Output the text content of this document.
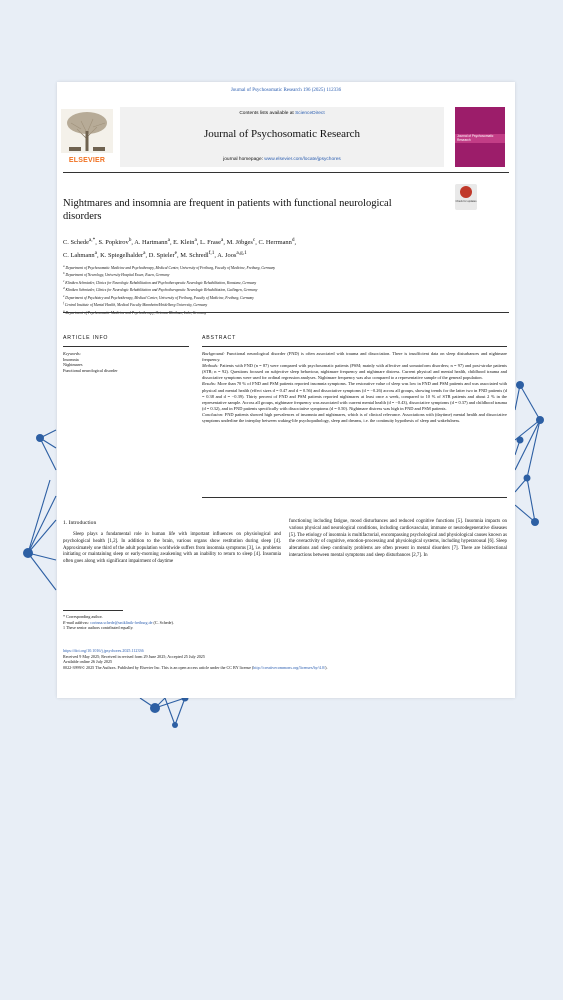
Journal of Psychosomatic Research 196 (2025) 112336
ELSEVIER
Contents lists available at ScienceDirect
Journal of Psychosomatic Research
journal homepage: www.elsevier.com/locate/jpsychores
Journal of Psychosomatic Research
Nightmares and insomnia are frequent in patients with functional neurological disorders
Check for updates
C. Schede$^{a,*}$, S. Popkirov$^b$, A. Hartmann$^a$, E. Klein$^a$, L. Frase$^a$, M. Jöbges$^c$, C. Herrmann$^d$,
C. Lahmann$^a$, K. Spiegelhalder$^a$, D. Spieler$^e$, M. Schredl$^{f,1}$, A. Joos$^{a,g,1}$
$^a$ Department of Psychosomatic Medicine and Psychotherapy, Medical Center, University of Freiburg, Faculty of Medicine, Freiburg, Germany
$^b$ Department of Neurology, University Hospital Essen, Essen, Germany
$^c$ Kliniken Schmieder, Clinics for Neurologic Rehabilitation and Psychotherapeutic Neurologic Rehabilitation, Konstanz, Germany
$^d$ Kliniken Schmieder, Clinics for Neurologic Rehabilitation and Psychotherapeutic Neurologic Rehabilitation, Gailingen, Germany
$^e$ Department of Psychiatry and Psychotherapy, Medical Center, University of Freiburg, Faculty of Medicine, Freiburg, Germany
$^f$ Central Institute of Mental Health, Medical Faculty Mannheim/Heidelberg University, Germany
$^g$ Department of Psychosomatic Medicine and Psychotherapy, Ortenau Klinikum, Lahr, Germany
ARTICLE INFO	ABSTRACT
Keywords:
Insomnia
Nightmares
Functional neurological disorder
Background: Functional neurological disorder (FND) is often associated with trauma and dissociation. There is insufficient data on sleep disturbances and nightmare frequency.
Methods: Patients with FND (n = 87) were compared with psychosomatic patients (PSM; mainly with affective and somatoform disorders; n = 97) and post-stroke patients (STR; n = 92). Questions focused on subjective sleep behaviour, nightmare frequency and nightmare distress. Current physical and mental health, childhood trauma and dissociative symptoms were used for ordinal regression analyses. Nightmare frequency was also compared to a representative sample of the general population.
Results: More than 70 % of FND and PSM patients reported insomnia symptoms. The restorative value of sleep was low in FND and PSM patients and was associated with physical and mental health (effect sizes d = 0.47 and d = 0.56) and dissociative symptoms (d = −0.26) across all groups, showing trends for the latter two in FND patients (d = 0.38 and d = −0.39). Thirty percent of FND and PSM patients reported nightmares at least once a week, compared to 10 % of STR patients and about 2 % in the representative sample. Across all groups, nightmare frequency was associated with current mental health (d = −0.43), dissociative symptoms (d = 0.37) and childhood trauma (d = 0.32), and in FND patients specifically with dissociative symptoms (d = 0.50). Nightmare distress was high in FND and PSM patients.
Conclusion: FND patients showed high prevalences of insomnia and nightmares, which is of clinical relevance. Associations with (daytime) mental health and dissociative symptoms underline the interplay between waking-life psychopathology, sleep and dreams, i.e. the continuity hypothesis of sleep and wakefulness.
1. Introduction

Sleep plays a fundamental role in human life with important influences on physiological and psychological health [1,2]. In addition to the brain, various organs show restitution during sleep [4]. Approximately one third of the adult population worldwide suffers from insomnia symptoms [3], i.e. problems initiating or maintaining sleep or early-morning awakening with an inability to return to sleep [4]. Insomnia often goes along with significant impairment of daytime

functioning including fatigue, mood disturbances and reduced cognitive functions [5]. Insomnia impacts on various physical and neurological conditions, including cardiovascular, immune or neurodegenerative diseases [5]. The etiology of insomnia is multifactorial, encompassing psychological and physiological causes known as the overactivity of cognitive, emotion-processing and physiological systems, including hyperarousal [6]. Sleep alterations and sleep continuity problems are often present in mental disorders [7]. There are bidirectional interactions between mental symptoms and sleep disturbances [2,7]. In

* Corresponding author.
E-mail address: corinna.schede@uniklinik-freiburg.de (C. Schede).
1 These senior authors contributed equally.
https://doi.org/10.1016/j.jpsychores.2025.112336
Received 9 May 2025; Received in revised form 29 June 2025; Accepted 25 July 2025
Available online 26 July 2025
0022-3999/© 2025 The Authors. Published by Elsevier Inc. This is an open access article under the CC BY license (http://creativecommons.org/licenses/by/4.0/).
